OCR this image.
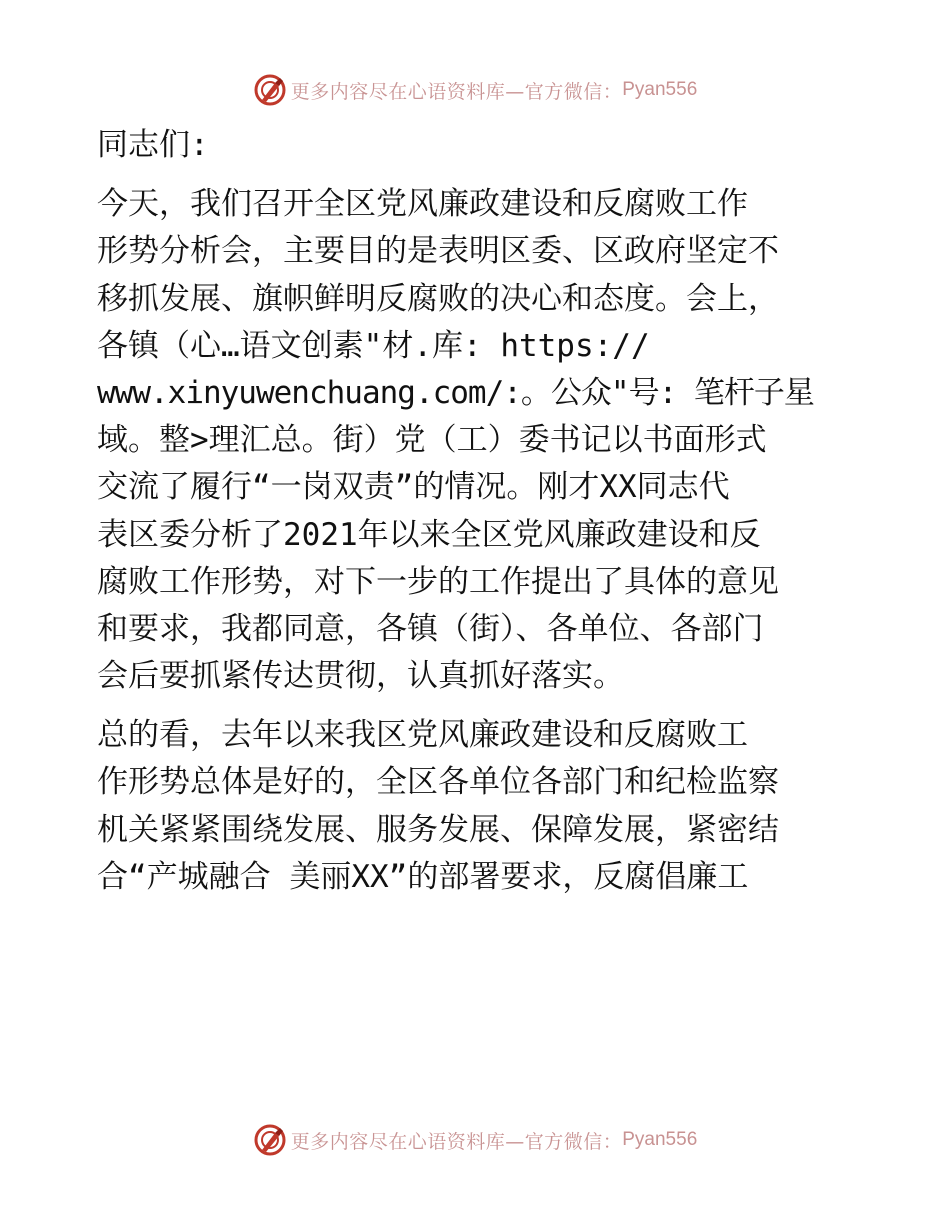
更多内容尽在心语资料库—官方微信： Pyan556
同志们:
今天，我们召开全区党风廉政建设和反腐败工作
形势分析会，主要目的是表明区委、区政府坚定不
移抓发展、旗帜鲜明反腐败的决心和态度。会上，
各镇（心…语文创素"材.库: https://
www.xinyuwenchuang.com/:。公众"号: 笔杆子星
域。整>理汇总。街）党（工）委书记以书面形式
交流了履行“一岗双责”的情况。刚才XX同志代
表区委分析了2021年以来全区党风廉政建设和反
腐败工作形势，对下一步的工作提出了具体的意见
和要求，我都同意，各镇（街）、各单位、各部门
会后要抓紧传达贯彻，认真抓好落实。
总的看，去年以来我区党风廉政建设和反腐败工
作形势总体是好的，全区各单位各部门和纪检监察
机关紧紧围绕发展、服务发展、保障发展，紧密结
合“产城融合 美丽XX”的部署要求，反腐倡廉工
更多内容尽在心语资料库—官方微信： Pyan556
